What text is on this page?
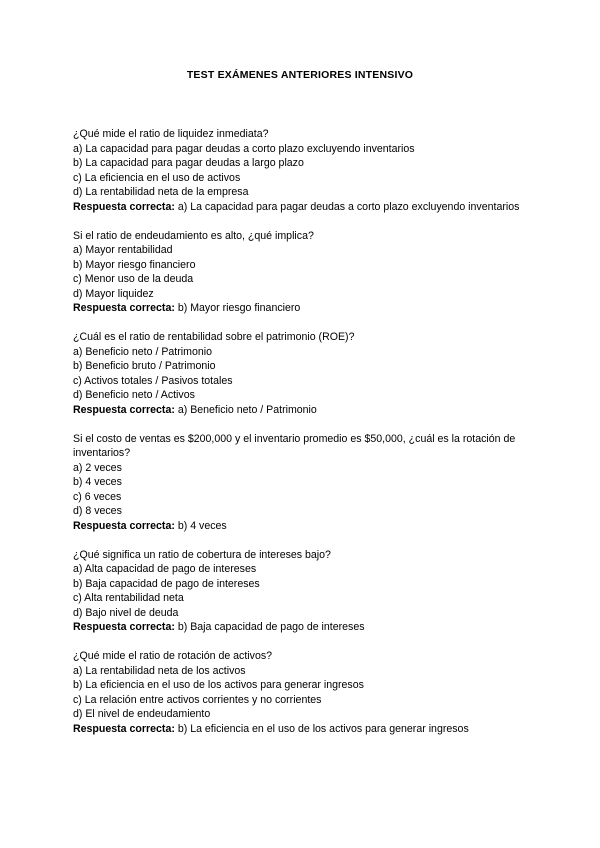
TEST EXÁMENES ANTERIORES INTENSIVO
¿Qué mide el ratio de liquidez inmediata?
a) La capacidad para pagar deudas a corto plazo excluyendo inventarios
b) La capacidad para pagar deudas a largo plazo
c) La eficiencia en el uso de activos
d) La rentabilidad neta de la empresa
Respuesta correcta: a) La capacidad para pagar deudas a corto plazo excluyendo inventarios
Si el ratio de endeudamiento es alto, ¿qué implica?
a) Mayor rentabilidad
b) Mayor riesgo financiero
c) Menor uso de la deuda
d) Mayor liquidez
Respuesta correcta: b) Mayor riesgo financiero
¿Cuál es el ratio de rentabilidad sobre el patrimonio (ROE)?
a) Beneficio neto / Patrimonio
b) Beneficio bruto / Patrimonio
c) Activos totales / Pasivos totales
d) Beneficio neto / Activos
Respuesta correcta: a) Beneficio neto / Patrimonio
Si el costo de ventas es $200,000 y el inventario promedio es $50,000, ¿cuál es la rotación de inventarios?
a) 2 veces
b) 4 veces
c) 6 veces
d) 8 veces
Respuesta correcta: b) 4 veces
¿Qué significa un ratio de cobertura de intereses bajo?
a) Alta capacidad de pago de intereses
b) Baja capacidad de pago de intereses
c) Alta rentabilidad neta
d) Bajo nivel de deuda
Respuesta correcta: b) Baja capacidad de pago de intereses
¿Qué mide el ratio de rotación de activos?
a) La rentabilidad neta de los activos
b) La eficiencia en el uso de los activos para generar ingresos
c) La relación entre activos corrientes y no corrientes
d) El nivel de endeudamiento
Respuesta correcta: b) La eficiencia en el uso de los activos para generar ingresos
